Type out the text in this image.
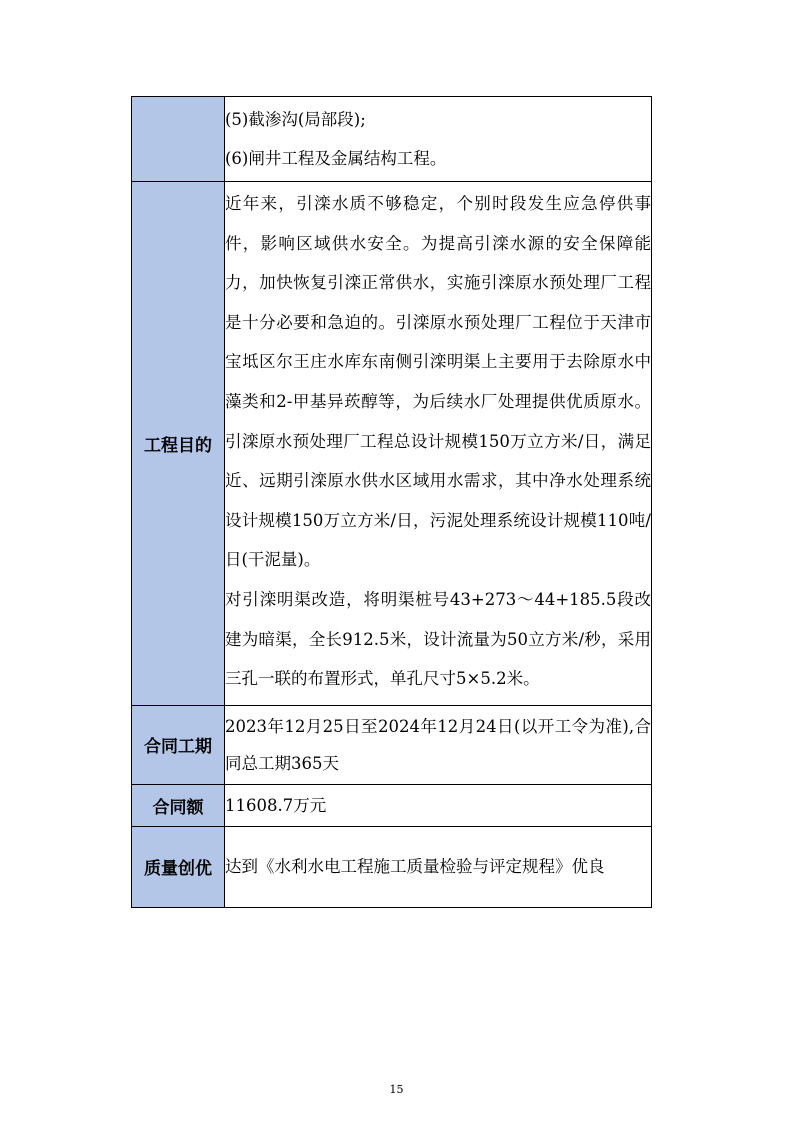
	(5)截渗沟(局部段);

(6)闸井工程及金属结构工程。

工程目的	近年来，引滦水质不够稳定，个别时段发生应急停供事件，影响区域供水安全。为提高引滦水源的安全保障能力，加快恢复引滦正常供水，实施引滦原水预处理厂工程是十分必要和急迫的。引滦原水预处理厂工程位于天津市宝坻区尔王庄水库东南侧引滦明渠上主要用于去除原水中藻类和2-甲基异莰醇等，为后续水厂处理提供优质原水。引滦原水预处理厂工程总设计规模150万立方米/日，满足近、远期引滦原水供水区域用水需求，其中净水处理系统设计规模150万立方米/日，污泥处理系统设计规模110吨/日(干泥量)。

对引滦明渠改造，将明渠桩号43+273～44+185.5段改建为暗渠，全长912.5米，设计流量为50立方米/秒，采用三孔一联的布置形式，单孔尺寸5×5.2米。

合同工期	2023年12月25日至2024年12月24日(以开工令为准),合同总工期365天

合同额	11608.7万元

质量创优	达到《水利水电工程施工质量检验与评定规程》优良

15
